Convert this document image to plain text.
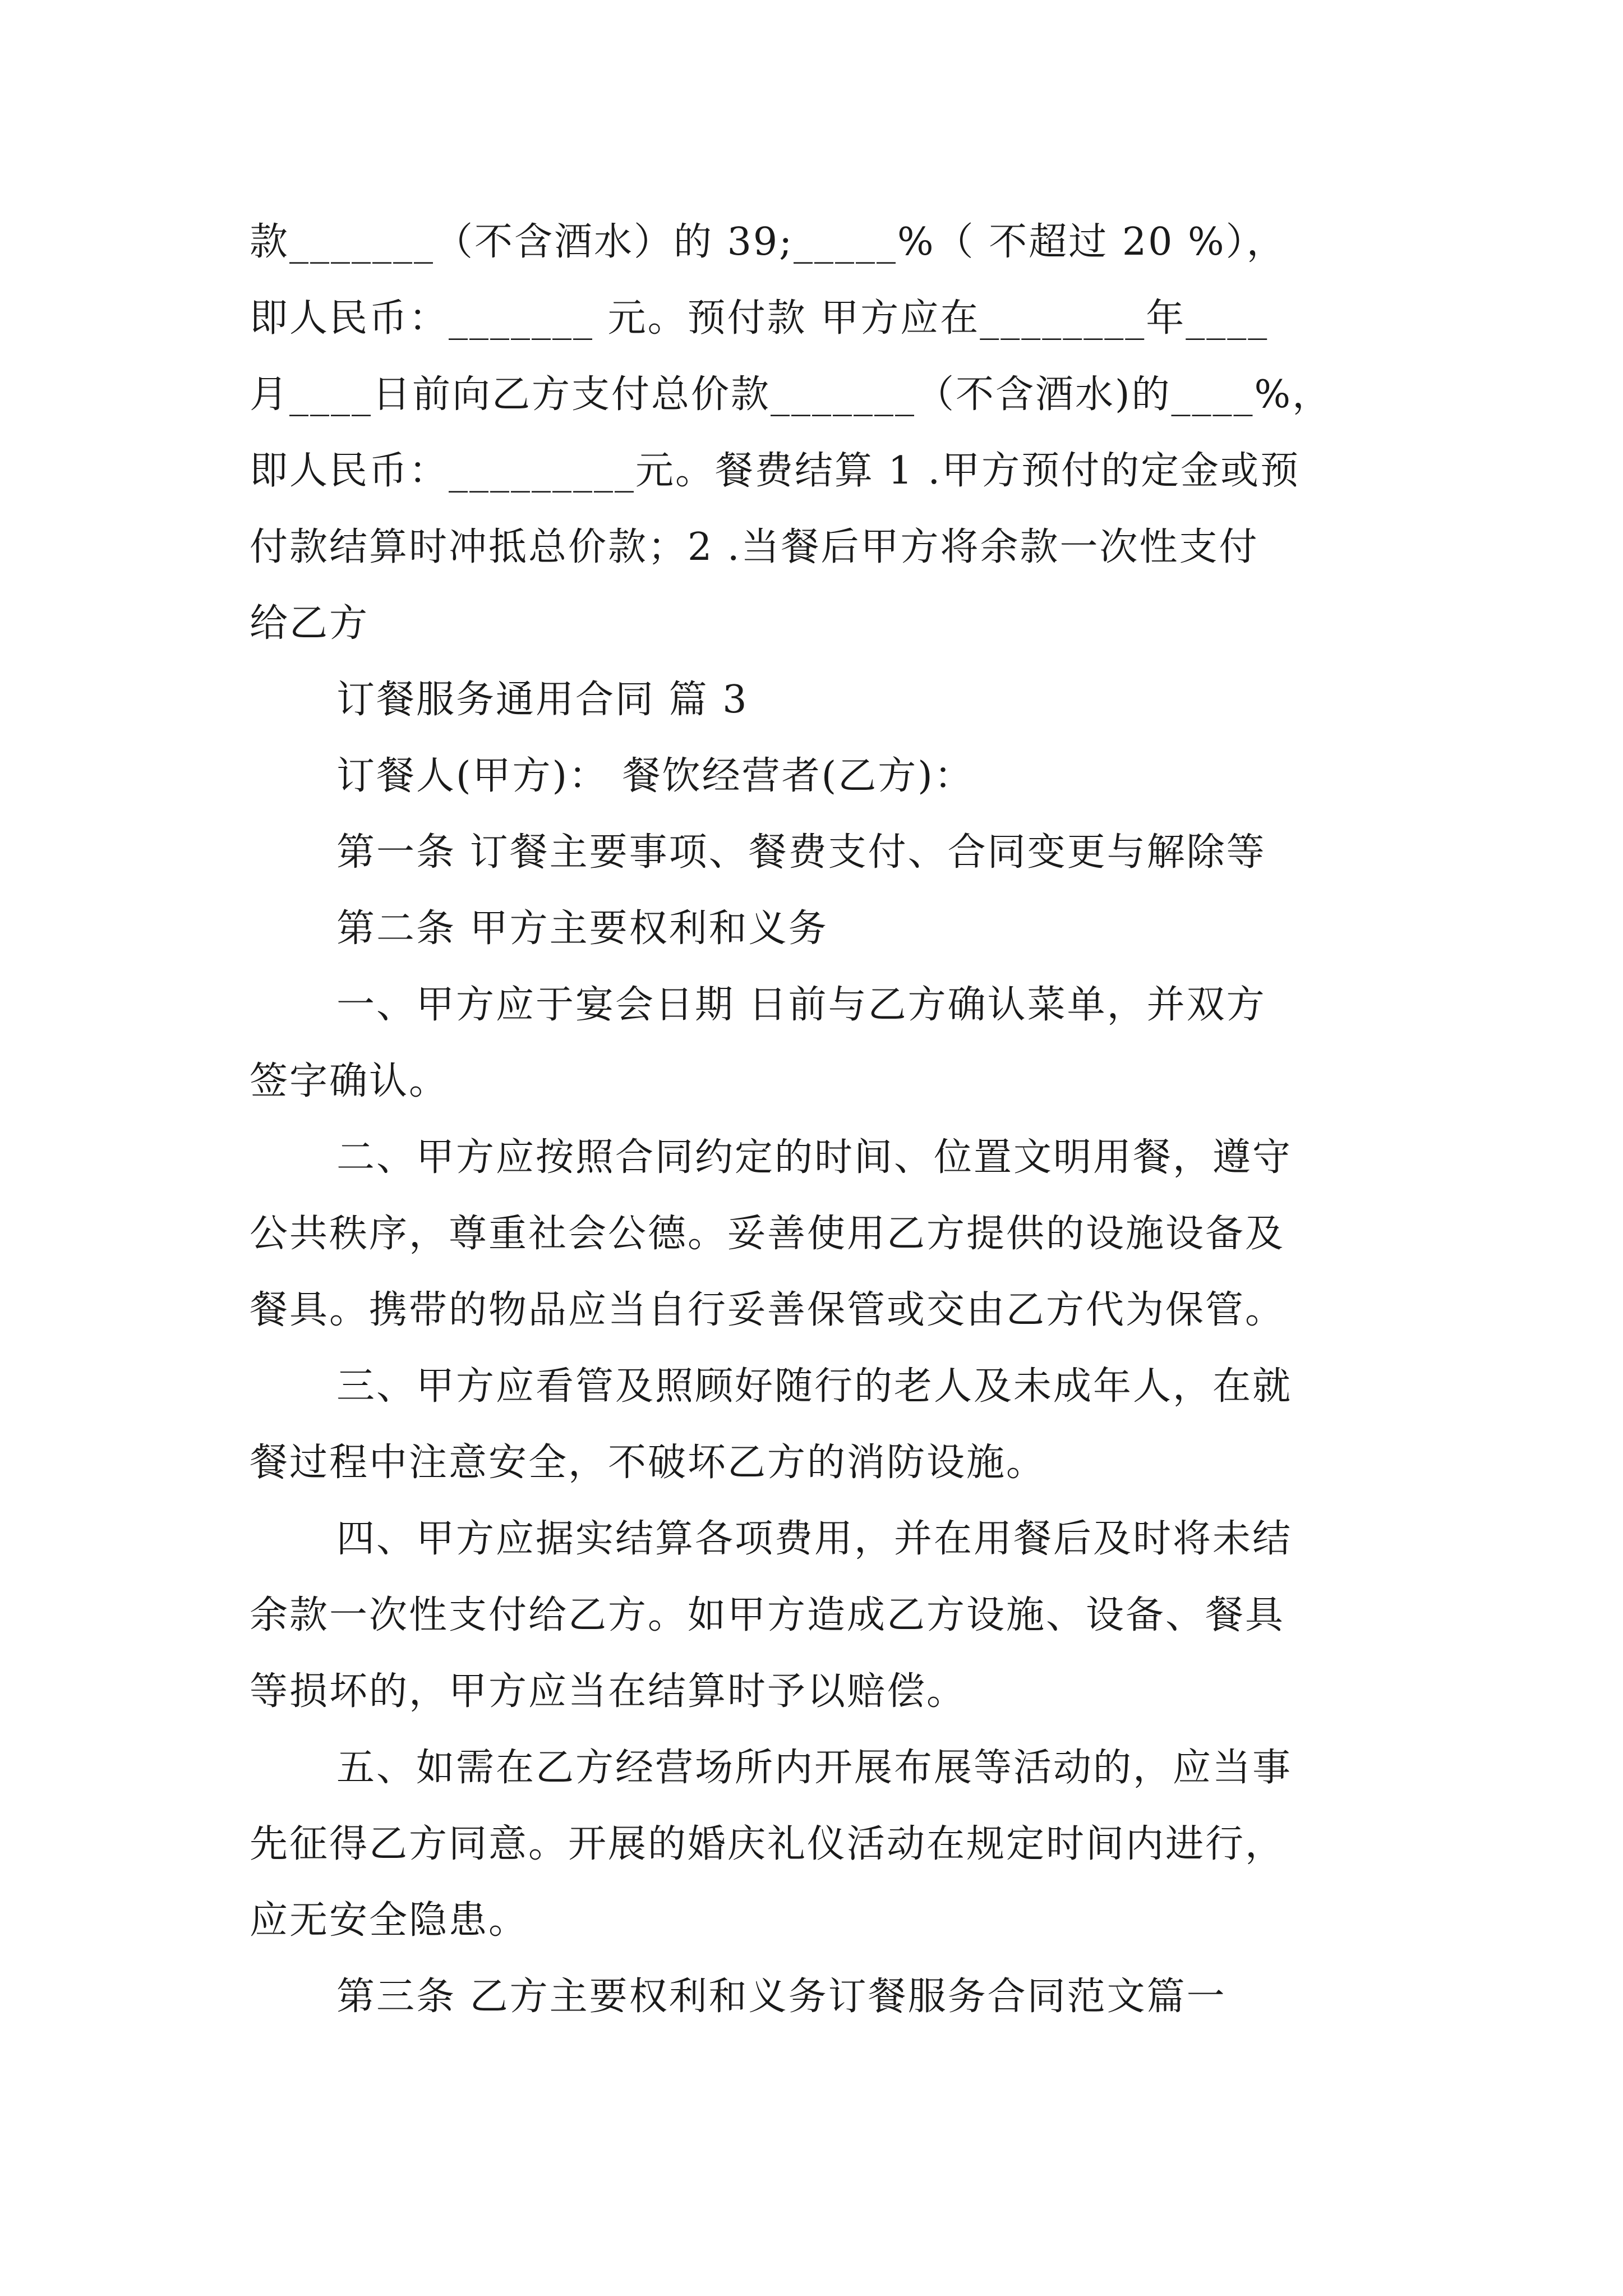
款_______（不含酒水）的 39;_____%（ 不超过 20 %），
即人民币：_______ 元。预付款 甲方应在________年____
月____日前向乙方支付总价款_______（不含酒水)的____%，
即人民币：_________元。餐费结算 1 .甲方预付的定金或预
付款结算时冲抵总价款；2 .当餐后甲方将余款一次性支付
给乙方
订餐服务通用合同 篇 3
订餐人(甲方)： 餐饮经营者(乙方)：
第一条 订餐主要事项、餐费支付、合同变更与解除等
第二条 甲方主要权利和义务
一、甲方应于宴会日期 日前与乙方确认菜单，并双方
签字确认。
二、甲方应按照合同约定的时间、位置文明用餐，遵守
公共秩序，尊重社会公德。妥善使用乙方提供的设施设备及
餐具。携带的物品应当自行妥善保管或交由乙方代为保管。
三、甲方应看管及照顾好随行的老人及未成年人，在就
餐过程中注意安全，不破坏乙方的消防设施。
四、甲方应据实结算各项费用，并在用餐后及时将未结
余款一次性支付给乙方。如甲方造成乙方设施、设备、餐具
等损坏的，甲方应当在结算时予以赔偿。
五、如需在乙方经营场所内开展布展等活动的，应当事
先征得乙方同意。开展的婚庆礼仪活动在规定时间内进行，
应无安全隐患。
第三条 乙方主要权利和义务订餐服务合同范文篇一
